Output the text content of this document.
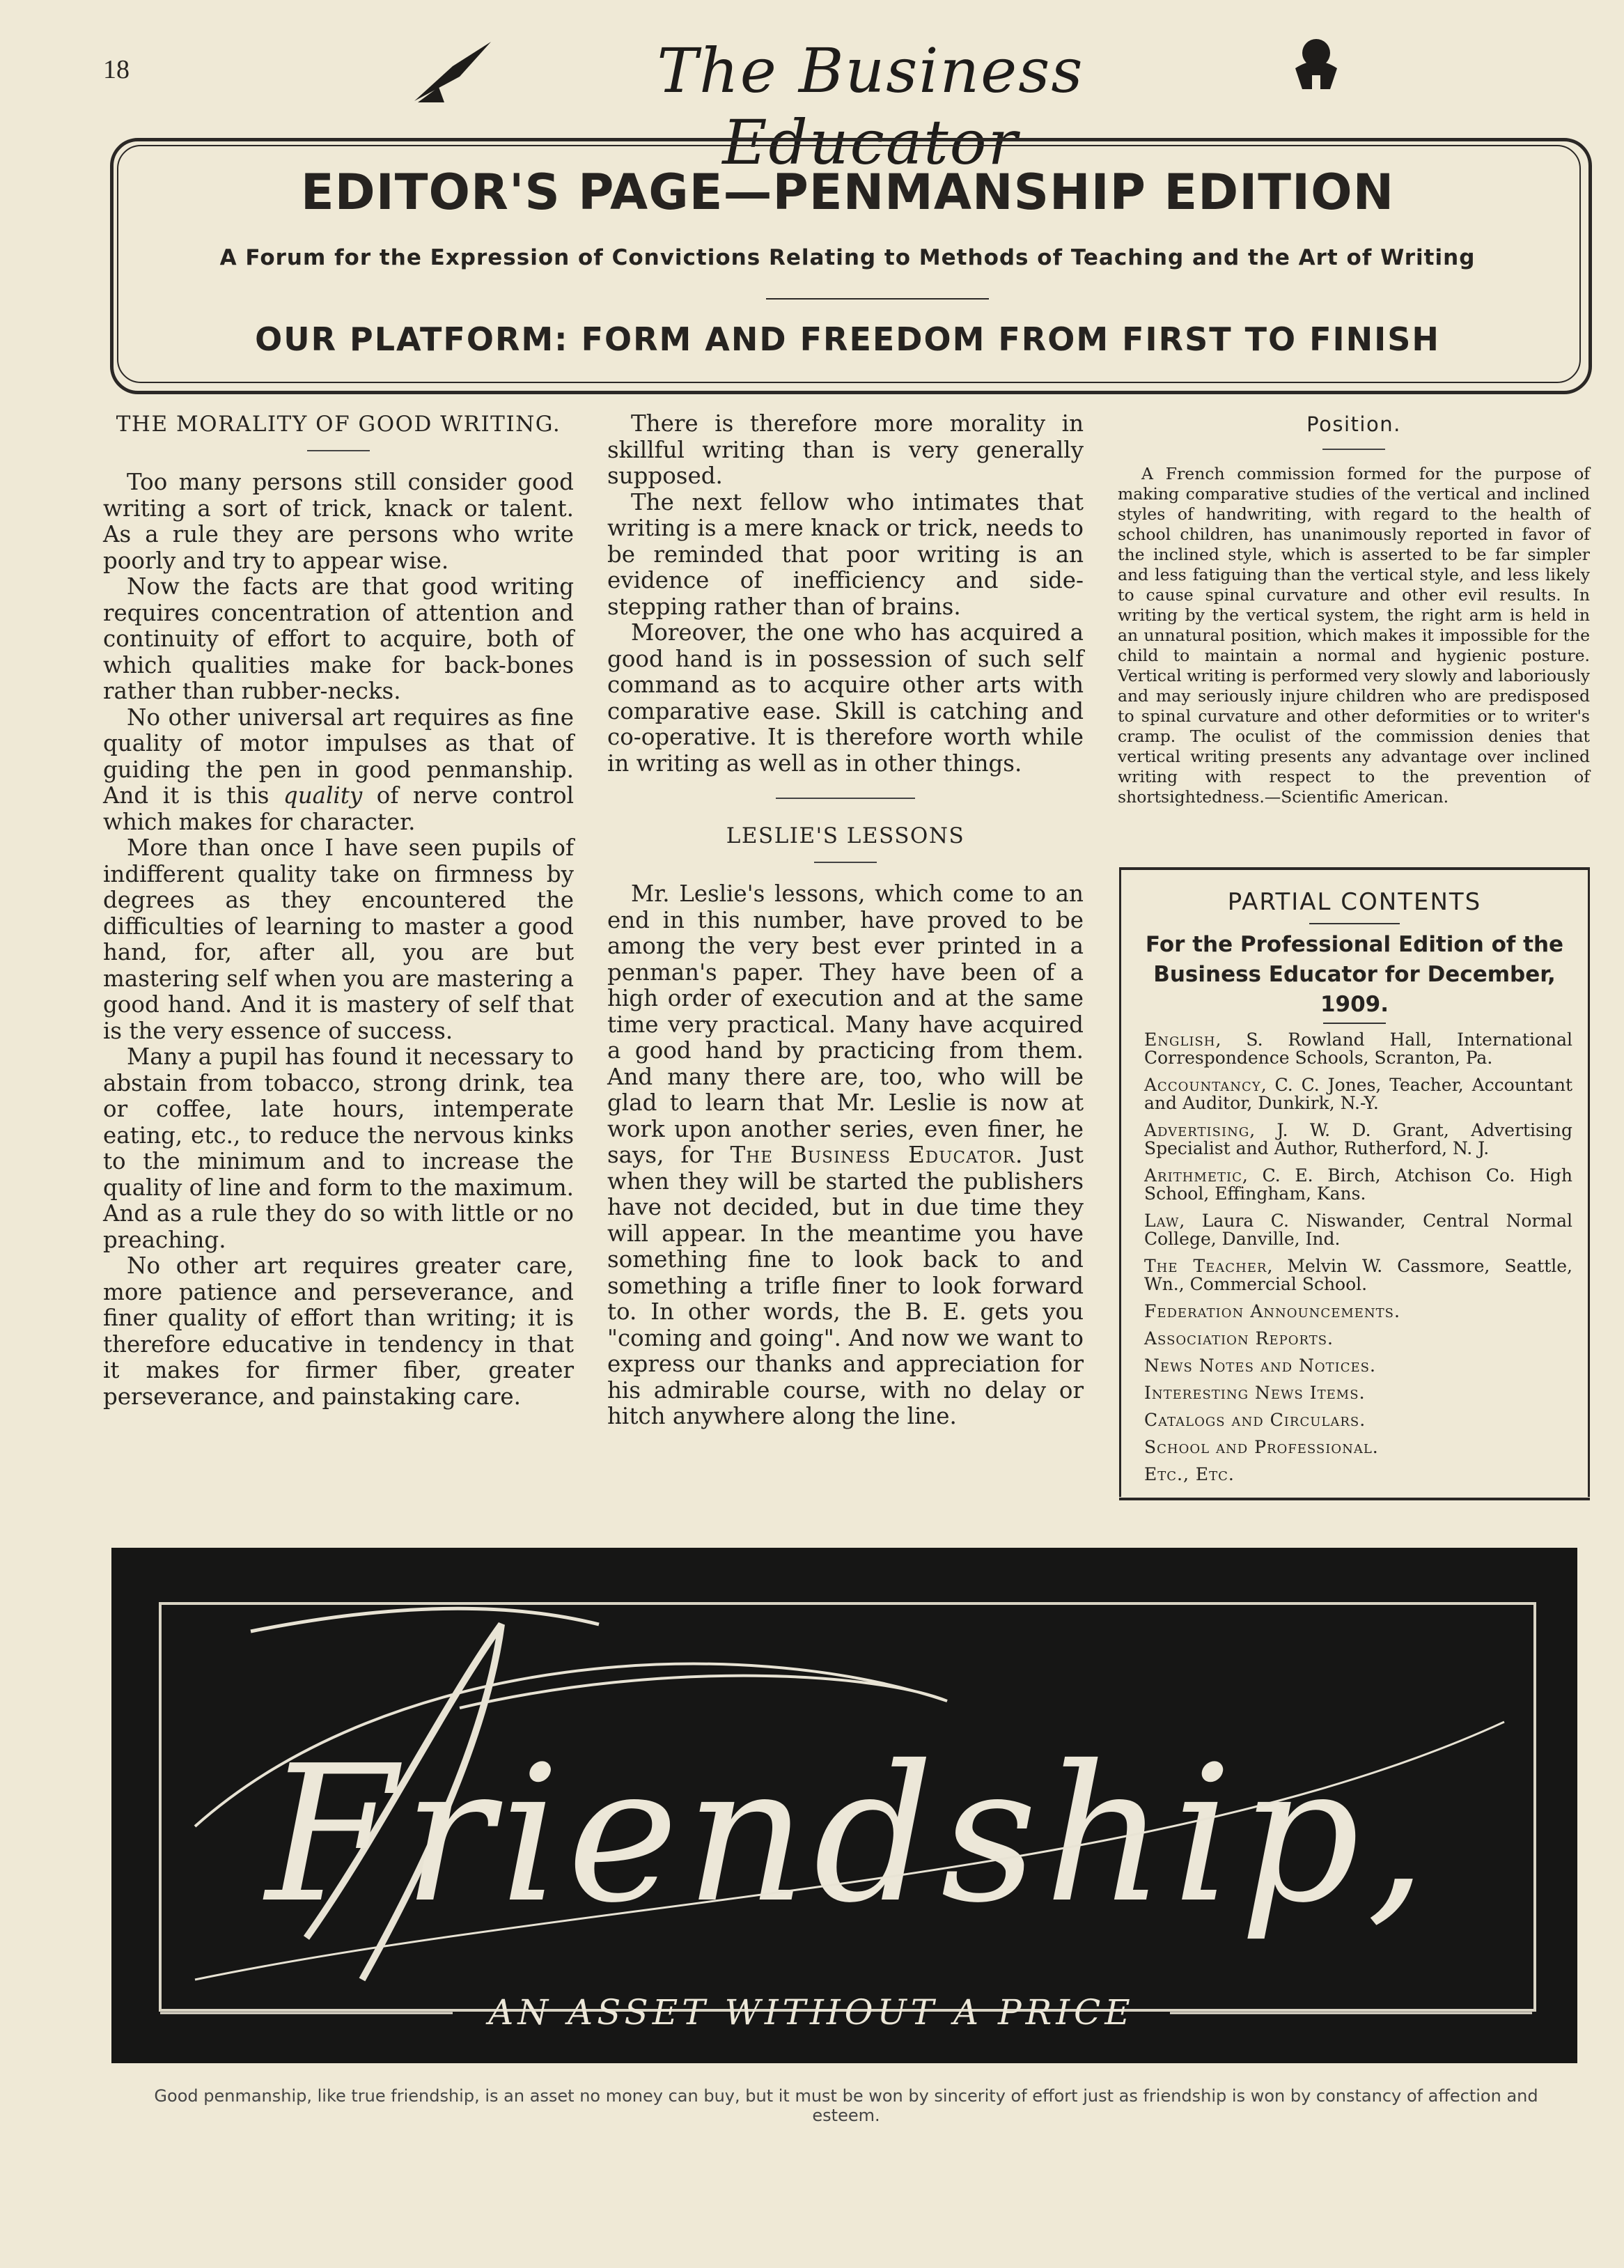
18	The Business Educator
EDITOR'S PAGE—PENMANSHIP EDITION
A Forum for the Expression of Convictions Relating to Methods of Teaching and the Art of Writing
OUR PLATFORM: FORM AND FREEDOM FROM FIRST TO FINISH
THE MORALITY OF GOOD WRITING.

Too many persons still consider good writing a sort of trick, knack or talent. As a rule they are persons who write poorly and try to appear wise.

Now the facts are that good writing requires concentration of attention and continuity of effort to acquire, both of which qualities make for back-bones rather than rubber-necks.

No other universal art requires as fine quality of motor impulses as that of guiding the pen in good penmanship. And it is this quality of nerve control which makes for character.

More than once I have seen pupils of indifferent quality take on firmness by degrees as they encountered the difficulties of learning to master a good hand, for, after all, you are but mastering self when you are mastering a good hand. And it is mastery of self that is the very essence of success.

Many a pupil has found it necessary to abstain from tobacco, strong drink, tea or coffee, late hours, intemperate eating, etc., to reduce the nervous kinks to the minimum and to increase the quality of line and form to the maximum. And as a rule they do so with little or no preaching.

No other art requires greater care, more patience and perseverance, and finer quality of effort than writing; it is therefore educative in tendency in that it makes for firmer fiber, greater perseverance, and painstaking care.

There is therefore more morality in skillful writing than is very generally supposed.

The next fellow who intimates that writing is a mere knack or trick, needs to be reminded that poor writing is an evidence of inefficiency and side-stepping rather than of brains.

Moreover, the one who has acquired a good hand is in possession of such self command as to acquire other arts with comparative ease. Skill is catching and co-operative. It is therefore worth while in writing as well as in other things.

LESLIE'S LESSONS

Mr. Leslie's lessons, which come to an end in this number, have proved to be among the very best ever printed in a penman's paper. They have been of a high order of execution and at the same time very practical. Many have acquired a good hand by practicing from them. And many there are, too, who will be glad to learn that Mr. Leslie is now at work upon another series, even finer, he says, for The Business Educator. Just when they will be started the publishers have not decided, but in due time they will appear. In the meantime you have something fine to look back to and something a trifle finer to look forward to. In other words, the B. E. gets you "coming and going". And now we want to express our thanks and appreciation for his admirable course, with no delay or hitch anywhere along the line.

Position.

A French commission formed for the purpose of making comparative studies of the vertical and inclined styles of handwriting, with regard to the health of school children, has unanimously reported in favor of the inclined style, which is asserted to be far simpler and less fatiguing than the vertical style, and less likely to cause spinal curvature and other evil results. In writing by the vertical system, the right arm is held in an unnatural position, which makes it impossible for the child to maintain a normal and hygienic posture. Vertical writing is performed very slowly and laboriously and may seriously injure children who are predisposed to spinal curvature and other deformities or to writer's cramp. The oculist of the commission denies that vertical writing presents any advantage over inclined writing with respect to the prevention of shortsightedness.—Scientific American.

PARTIAL CONTENTS
For the Professional Edition of the Business Educator for December, 1909.
English, S. Rowland Hall, International Correspondence Schools, Scranton, Pa.
Accountancy, C. C. Jones, Teacher, Accountant and Auditor, Dunkirk, N.-Y.
Advertising, J. W. D. Grant, Advertising Specialist and Author, Rutherford, N. J.
Arithmetic, C. E. Birch, Atchison Co. High School, Effingham, Kans.
Law, Laura C. Niswander, Central Normal College, Danville, Ind.
The Teacher, Melvin W. Cassmore, Seattle, Wn., Commercial School.
Federation Announcements.
Association Reports.
News Notes and Notices.
Interesting News Items.
Catalogs and Circulars.
School and Professional.
Etc., Etc.
Friendship,
AN ASSET WITHOUT A PRICE
Good penmanship, like true friendship, is an asset no money can buy, but it must be won by sincerity of effort just as friendship is won by constancy of affection and esteem.
